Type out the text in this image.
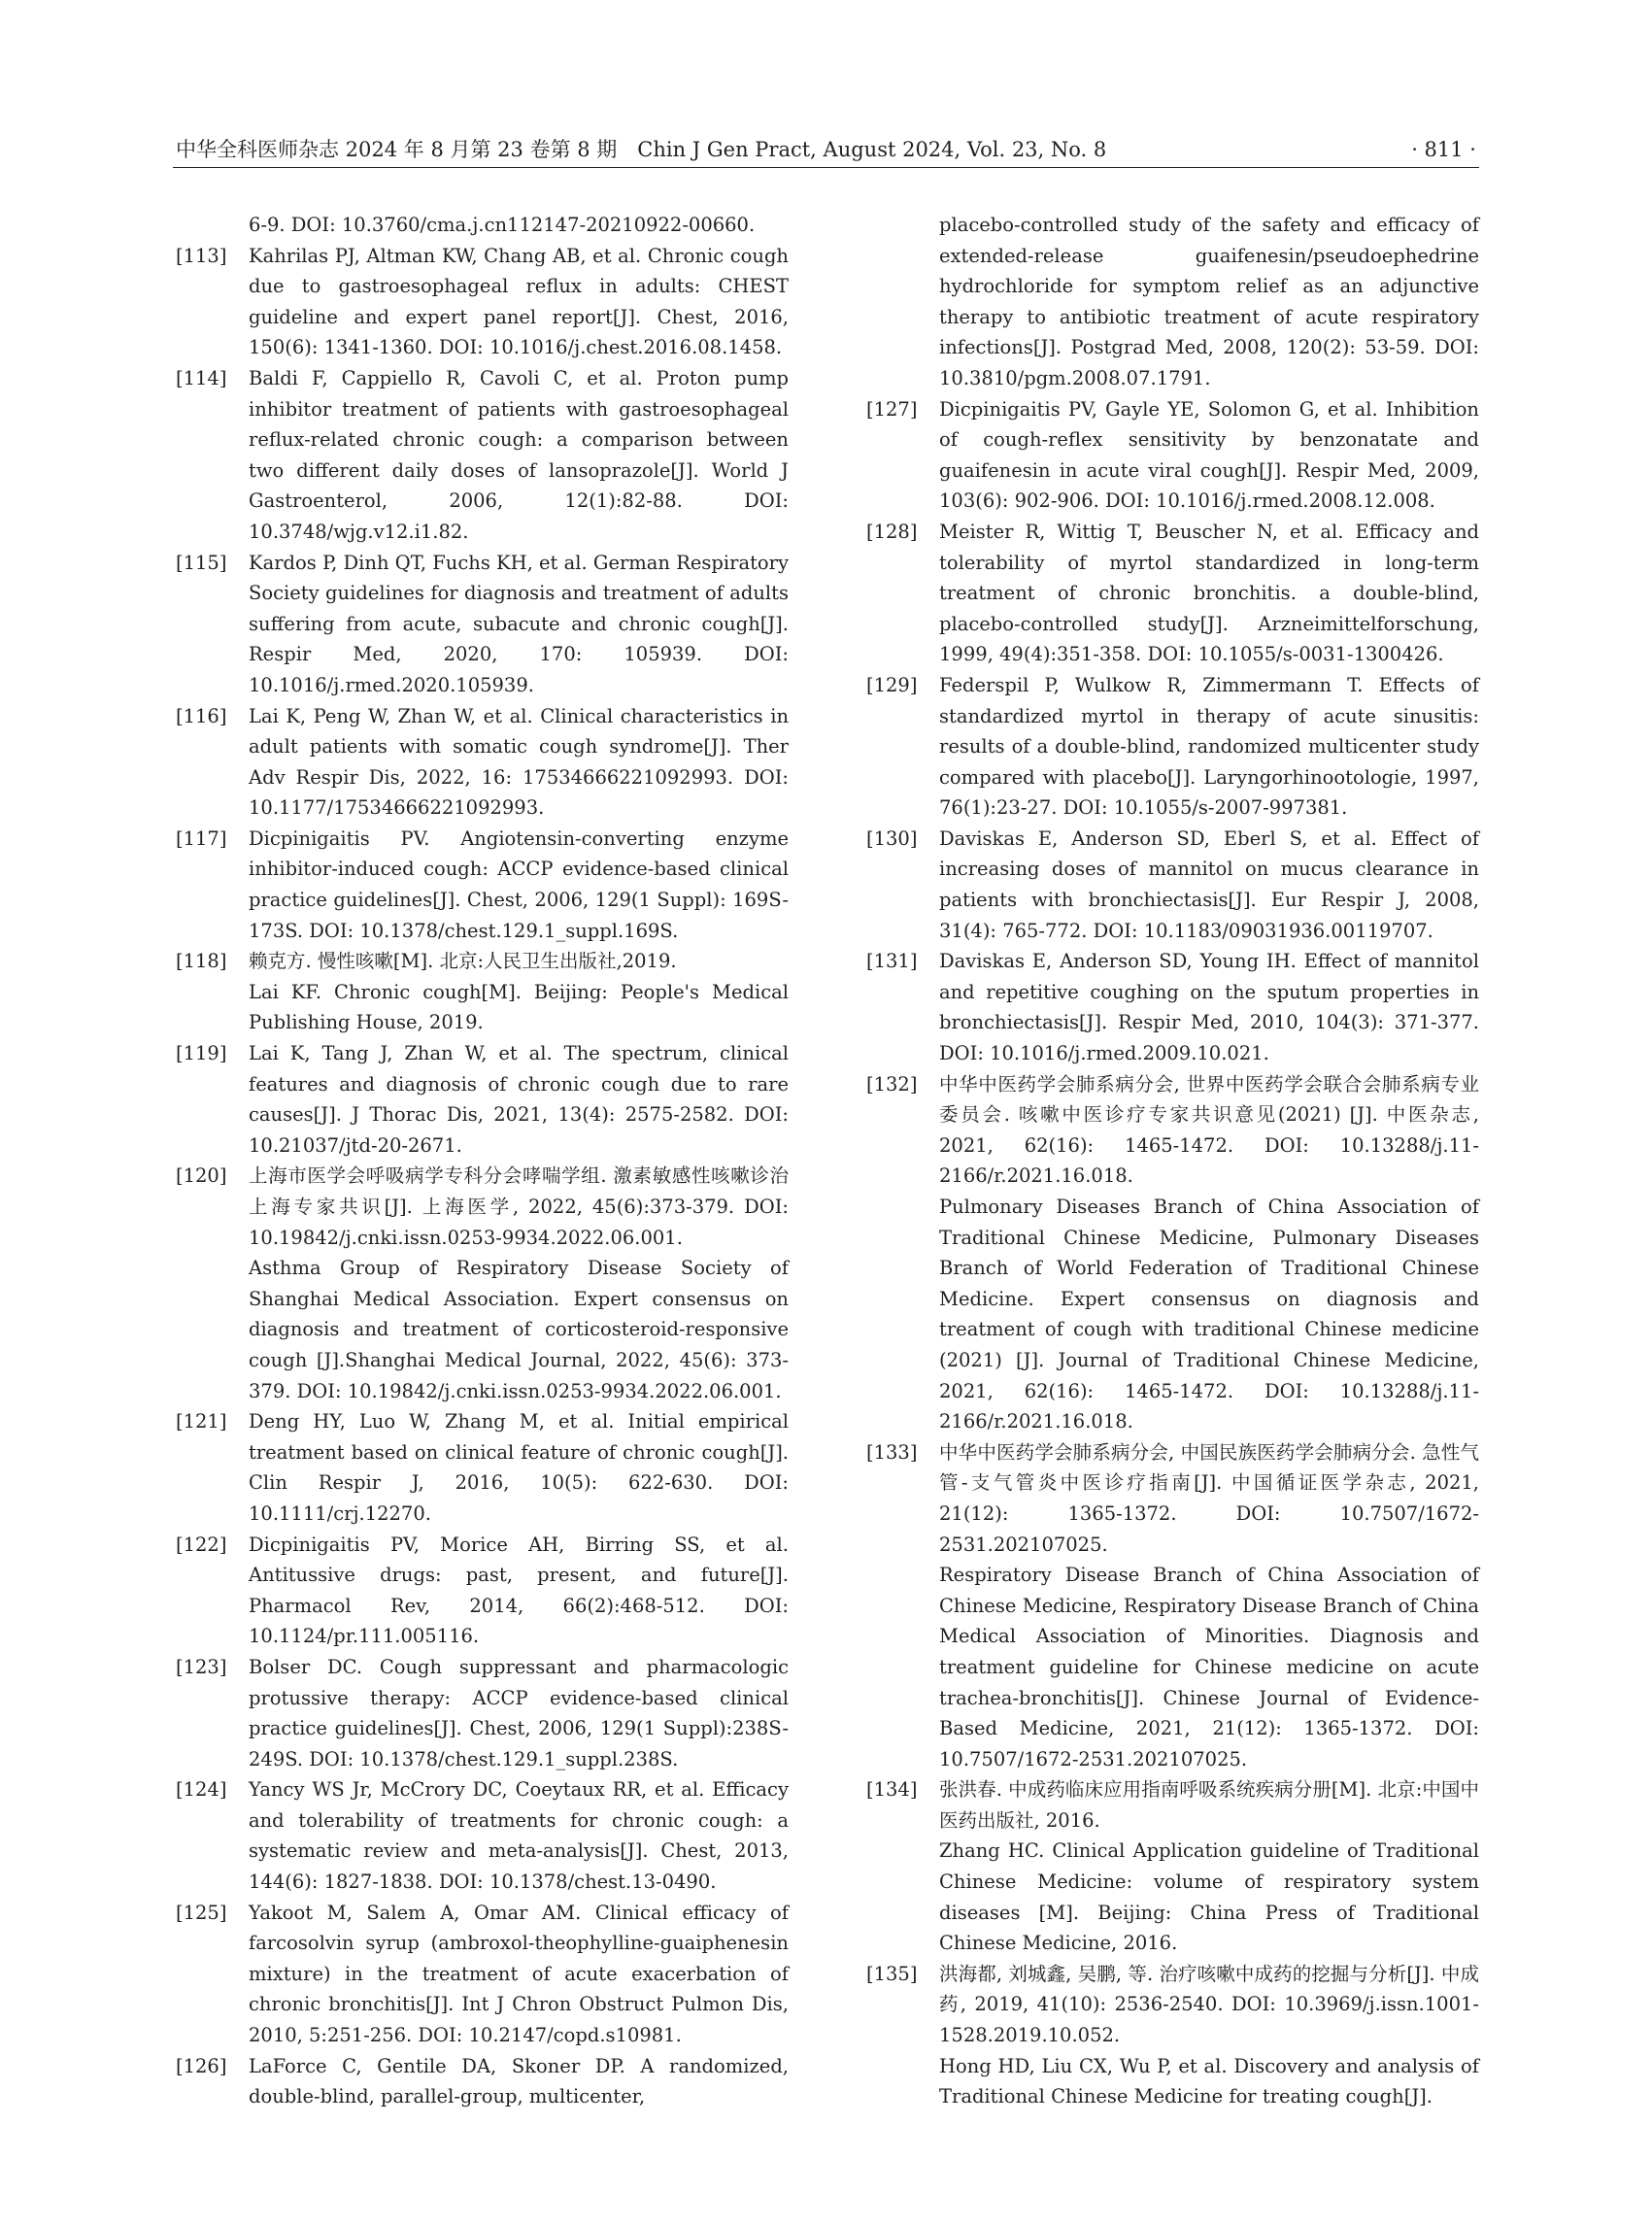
中华全科医师杂志 2024 年 8 月第 23 卷第 8 期　Chin J Gen Pract, August 2024, Vol. 23, No. 8	· 811 ·
6-9. DOI: 10.3760/cma.j.cn112147-20210922-00660.
[113] Kahrilas PJ, Altman KW, Chang AB, et al. Chronic cough due to gastroesophageal reflux in adults: CHEST guideline and expert panel report[J]. Chest, 2016, 150(6): 1341-1360. DOI: 10.1016/j.chest.2016.08.1458.
[114] Baldi F, Cappiello R, Cavoli C, et al. Proton pump inhibitor treatment of patients with gastroesophageal reflux-related chronic cough: a comparison between two different daily doses of lansoprazole[J]. World J Gastroenterol, 2006, 12(1):82-88. DOI: 10.3748/wjg.v12.i1.82.
[115] Kardos P, Dinh QT, Fuchs KH, et al. German Respiratory Society guidelines for diagnosis and treatment of adults suffering from acute, subacute and chronic cough[J]. Respir Med, 2020, 170: 105939. DOI: 10.1016/j.rmed.2020.105939.
[116] Lai K, Peng W, Zhan W, et al. Clinical characteristics in adult patients with somatic cough syndrome[J]. Ther Adv Respir Dis, 2022, 16: 17534666221092993. DOI: 10.1177/17534666221092993.
[117] Dicpinigaitis PV. Angiotensin-converting enzyme inhibitor-induced cough: ACCP evidence-based clinical practice guidelines[J]. Chest, 2006, 129(1 Suppl): 169S-173S. DOI: 10.1378/chest.129.1_suppl.169S.
[118] 赖克方. 慢性咳嗽[M]. 北京:人民卫生出版社,2019.
Lai KF. Chronic cough[M]. Beijing: People's Medical Publishing House, 2019.
[119] Lai K, Tang J, Zhan W, et al. The spectrum, clinical features and diagnosis of chronic cough due to rare causes[J]. J Thorac Dis, 2021, 13(4): 2575-2582. DOI: 10.21037/jtd-20-2671.
[120] 上海市医学会呼吸病学专科分会哮喘学组. 激素敏感性咳嗽诊治上海专家共识[J]. 上海医学, 2022, 45(6):373-379. DOI: 10.19842/j.cnki.issn.0253-9934.2022.06.001.
Asthma Group of Respiratory Disease Society of Shanghai Medical Association. Expert consensus on diagnosis and treatment of corticosteroid-responsive cough [J].Shanghai Medical Journal, 2022, 45(6): 373-379. DOI: 10.19842/j.cnki.issn.0253-9934.2022.06.001.
[121] Deng HY, Luo W, Zhang M, et al. Initial empirical treatment based on clinical feature of chronic cough[J]. Clin Respir J, 2016, 10(5): 622-630. DOI: 10.1111/crj.12270.
[122] Dicpinigaitis PV, Morice AH, Birring SS, et al. Antitussive drugs: past, present, and future[J]. Pharmacol Rev, 2014, 66(2):468-512. DOI: 10.1124/pr.111.005116.
[123] Bolser DC. Cough suppressant and pharmacologic protussive therapy: ACCP evidence-based clinical practice guidelines[J]. Chest, 2006, 129(1 Suppl):238S-249S. DOI: 10.1378/chest.129.1_suppl.238S.
[124] Yancy WS Jr, McCrory DC, Coeytaux RR, et al. Efficacy and tolerability of treatments for chronic cough: a systematic review and meta-analysis[J]. Chest, 2013, 144(6): 1827-1838. DOI: 10.1378/chest.13-0490.
[125] Yakoot M, Salem A, Omar AM. Clinical efficacy of farcosolvin syrup (ambroxol-theophylline-guaiphenesin mixture) in the treatment of acute exacerbation of chronic bronchitis[J]. Int J Chron Obstruct Pulmon Dis, 2010, 5:251-256. DOI: 10.2147/copd.s10981.
[126] LaForce C, Gentile DA, Skoner DP. A randomized, double-blind, parallel-group, multicenter,
placebo-controlled study of the safety and efficacy of extended-release guaifenesin/pseudoephedrine hydrochloride for symptom relief as an adjunctive therapy to antibiotic treatment of acute respiratory infections[J]. Postgrad Med, 2008, 120(2): 53-59. DOI: 10.3810/pgm.2008.07.1791.
[127] Dicpinigaitis PV, Gayle YE, Solomon G, et al. Inhibition of cough-reflex sensitivity by benzonatate and guaifenesin in acute viral cough[J]. Respir Med, 2009, 103(6): 902-906. DOI: 10.1016/j.rmed.2008.12.008.
[128] Meister R, Wittig T, Beuscher N, et al. Efficacy and tolerability of myrtol standardized in long-term treatment of chronic bronchitis. a double-blind, placebo-controlled study[J]. Arzneimittelforschung, 1999, 49(4):351-358. DOI: 10.1055/s-0031-1300426.
[129] Federspil P, Wulkow R, Zimmermann T. Effects of standardized myrtol in therapy of acute sinusitis: results of a double-blind, randomized multicenter study compared with placebo[J]. Laryngorhinootologie, 1997, 76(1):23-27. DOI: 10.1055/s-2007-997381.
[130] Daviskas E, Anderson SD, Eberl S, et al. Effect of increasing doses of mannitol on mucus clearance in patients with bronchiectasis[J]. Eur Respir J, 2008, 31(4): 765-772. DOI: 10.1183/09031936.00119707.
[131] Daviskas E, Anderson SD, Young IH. Effect of mannitol and repetitive coughing on the sputum properties in bronchiectasis[J]. Respir Med, 2010, 104(3): 371-377. DOI: 10.1016/j.rmed.2009.10.021.
[132] 中华中医药学会肺系病分会, 世界中医药学会联合会肺系病专业委员会. 咳嗽中医诊疗专家共识意见(2021) [J]. 中医杂志, 2021, 62(16): 1465-1472. DOI: 10.13288/j.11-2166/r.2021.16.018.
Pulmonary Diseases Branch of China Association of Traditional Chinese Medicine, Pulmonary Diseases Branch of World Federation of Traditional Chinese Medicine. Expert consensus on diagnosis and treatment of cough with traditional Chinese medicine (2021) [J]. Journal of Traditional Chinese Medicine, 2021, 62(16): 1465-1472. DOI: 10.13288/j.11-2166/r.2021.16.018.
[133] 中华中医药学会肺系病分会, 中国民族医药学会肺病分会. 急性气管-支气管炎中医诊疗指南[J]. 中国循证医学杂志, 2021, 21(12): 1365-1372. DOI: 10.7507/1672-2531.202107025.
Respiratory Disease Branch of China Association of Chinese Medicine, Respiratory Disease Branch of China Medical Association of Minorities. Diagnosis and treatment guideline for Chinese medicine on acute trachea-bronchitis[J]. Chinese Journal of Evidence-Based Medicine, 2021, 21(12): 1365-1372. DOI: 10.7507/1672-2531.202107025.
[134] 张洪春. 中成药临床应用指南呼吸系统疾病分册[M]. 北京:中国中医药出版社, 2016.
Zhang HC. Clinical Application guideline of Traditional Chinese Medicine: volume of respiratory system diseases [M]. Beijing: China Press of Traditional Chinese Medicine, 2016.
[135] 洪海都, 刘城鑫, 吴鹏, 等. 治疗咳嗽中成药的挖掘与分析[J]. 中成药, 2019, 41(10): 2536-2540. DOI: 10.3969/j.issn.1001-1528.2019.10.052.
Hong HD, Liu CX, Wu P, et al. Discovery and analysis of Traditional Chinese Medicine for treating cough[J].
